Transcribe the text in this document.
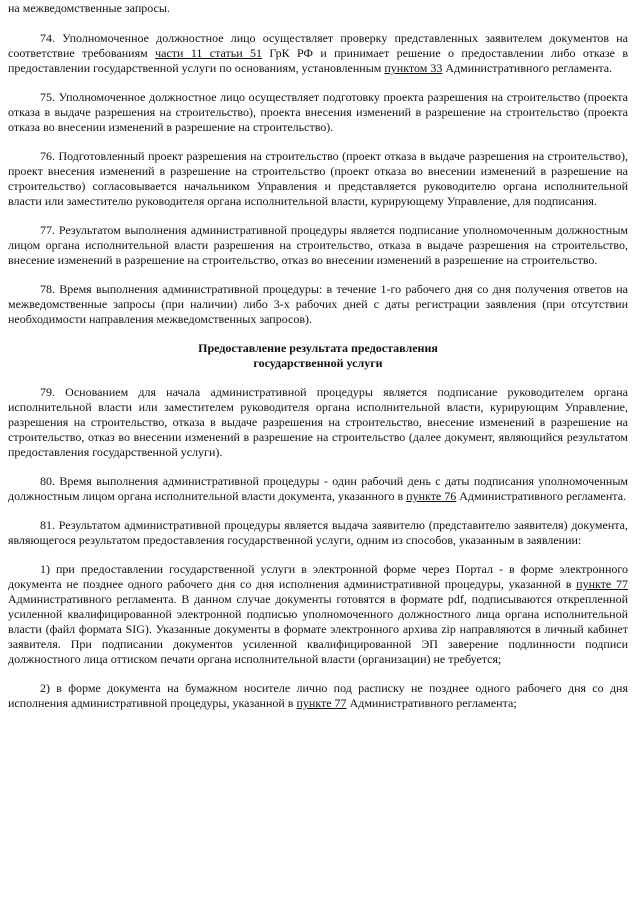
на межведомственные запросы.

74. Уполномоченное должностное лицо осуществляет проверку представленных заявителем документов на соответствие требованиям части 11 статьи 51 ГрК РФ и принимает решение о предоставлении либо отказе в предоставлении государственной услуги по основаниям, установленным пунктом 33 Административного регламента.

75. Уполномоченное должностное лицо осуществляет подготовку проекта разрешения на строительство (проекта отказа в выдаче разрешения на строительство), проекта внесения изменений в разрешение на строительство (проекта отказа во внесении изменений в разрешение на строительство).

76. Подготовленный проект разрешения на строительство (проект отказа в выдаче разрешения на строительство), проект внесения изменений в разрешение на строительство (проект отказа во внесении изменений в разрешение на строительство) согласовывается начальником Управления и представляется руководителю органа исполнительной власти или заместителю руководителя органа исполнительной власти, курирующему Управление, для подписания.

77. Результатом выполнения административной процедуры является подписание уполномоченным должностным лицом органа исполнительной власти разрешения на строительство, отказа в выдаче разрешения на строительство, внесение изменений в разрешение на строительство, отказ во внесении изменений в разрешение на строительство.

78. Время выполнения административной процедуры: в течение 1-го рабочего дня со дня получения ответов на межведомственные запросы (при наличии) либо 3-х рабочих дней с даты регистрации заявления (при отсутствии необходимости направления межведомственных запросов).

Предоставление результата предоставления
государственной услуги

79. Основанием для начала административной процедуры является подписание руководителем органа исполнительной власти или заместителем руководителя органа исполнительной власти, курирующим Управление, разрешения на строительство, отказа в выдаче разрешения на строительство, внесение изменений в разрешение на строительство, отказ во внесении изменений в разрешение на строительство (далее документ, являющийся результатом предоставления государственной услуги).

80. Время выполнения административной процедуры - один рабочий день с даты подписания уполномоченным должностным лицом органа исполнительной власти документа, указанного в пункте 76 Административного регламента.

81. Результатом административной процедуры является выдача заявителю (представителю заявителя) документа, являющегося результатом предоставления государственной услуги, одним из способов, указанным в заявлении:

1) при предоставлении государственной услуги в электронной форме через Портал - в форме электронного документа не позднее одного рабочего дня со дня исполнения административной процедуры, указанной в пункте 77 Административного регламента. В данном случае документы готовятся в формате pdf, подписываются открепленной усиленной квалифицированной электронной подписью уполномоченного должностного лица органа исполнительной власти (файл формата SIG). Указанные документы в формате электронного архива zip направляются в личный кабинет заявителя. При подписании документов усиленной квалифицированной ЭП заверение подлинности подписи должностного лица оттиском печати органа исполнительной власти (организации) не требуется;

2) в форме документа на бумажном носителе лично под расписку не позднее одного рабочего дня со дня исполнения административной процедуры, указанной в пункте 77 Административного регламента;
